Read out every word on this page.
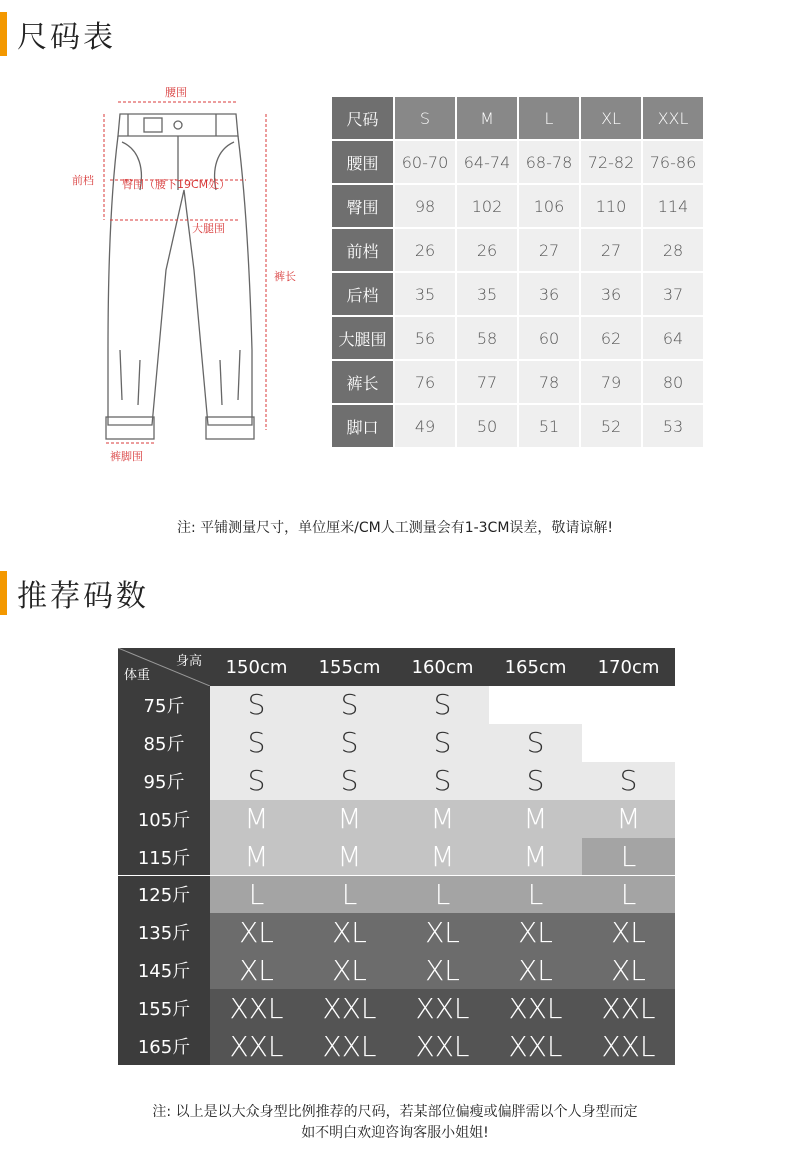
尺码表
腰围
前档	臀围（腰下19CM处）
大腿围
裤长
裤脚围
尺码	S	M	L	XL	XXL
腰围	60-70	64-74	68-78	72-82	76-86
臀围	98	102	106	110	114
前档	26	26	27	27	28
后档	35	35	36	36	37
大腿围	56	58	60	62	64
裤长	76	77	78	79	80
脚口	49	50	51	52	53
注: 平铺测量尺寸，单位厘米/CM人工测量会有1-3CM误差，敬请谅解!
推荐码数
身高
体重	150cm	155cm	160cm	165cm	170cm
75斤	S	S	S
85斤	S	S	S	S
95斤	S	S	S	S	S
105斤	M	M	M	M	M
115斤	M	M	M	M	L
125斤	L	L	L	L	L
135斤	XL	XL	XL	XL	XL
145斤	XL	XL	XL	XL	XL
155斤	XXL	XXL	XXL	XXL	XXL
165斤	XXL	XXL	XXL	XXL	XXL
注: 以上是以大众身型比例推荐的尺码，若某部位偏瘦或偏胖需以个人身型而定
如不明白欢迎咨询客服小姐姐!
